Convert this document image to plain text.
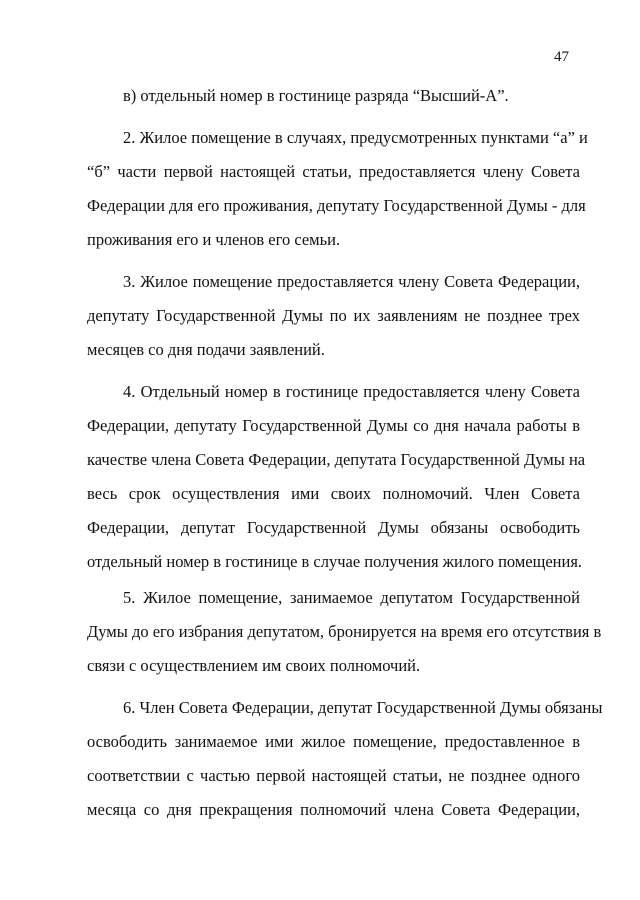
47
в) отдельный номер в гостинице разряда “Высший-А”.
2. Жилое помещение в случаях, предусмотренных пунктами “а” и
“б” части первой настоящей статьи, предоставляется члену Совета
Федерации для его проживания, депутату Государственной Думы - для
проживания его и членов его семьи.
3. Жилое помещение предоставляется члену Совета Федерации,
депутату Государственной Думы по их заявлениям не позднее трех
месяцев со дня подачи заявлений.
4. Отдельный номер в гостинице предоставляется члену Совета
Федерации, депутату Государственной Думы со дня начала работы в
качестве члена Совета Федерации, депутата Государственной Думы на
весь срок осуществления ими своих полномочий. Член Совета
Федерации, депутат Государственной Думы обязаны освободить
отдельный номер в гостинице в случае получения жилого помещения.
5. Жилое помещение, занимаемое депутатом Государственной
Думы до его избрания депутатом, бронируется на время его отсутствия в
связи с осуществлением им своих полномочий.
6. Член Совета Федерации, депутат Государственной Думы обязаны
освободить занимаемое ими жилое помещение, предоставленное в
соответствии с частью первой настоящей статьи, не позднее одного
месяца со дня прекращения полномочий члена Совета Федерации,
